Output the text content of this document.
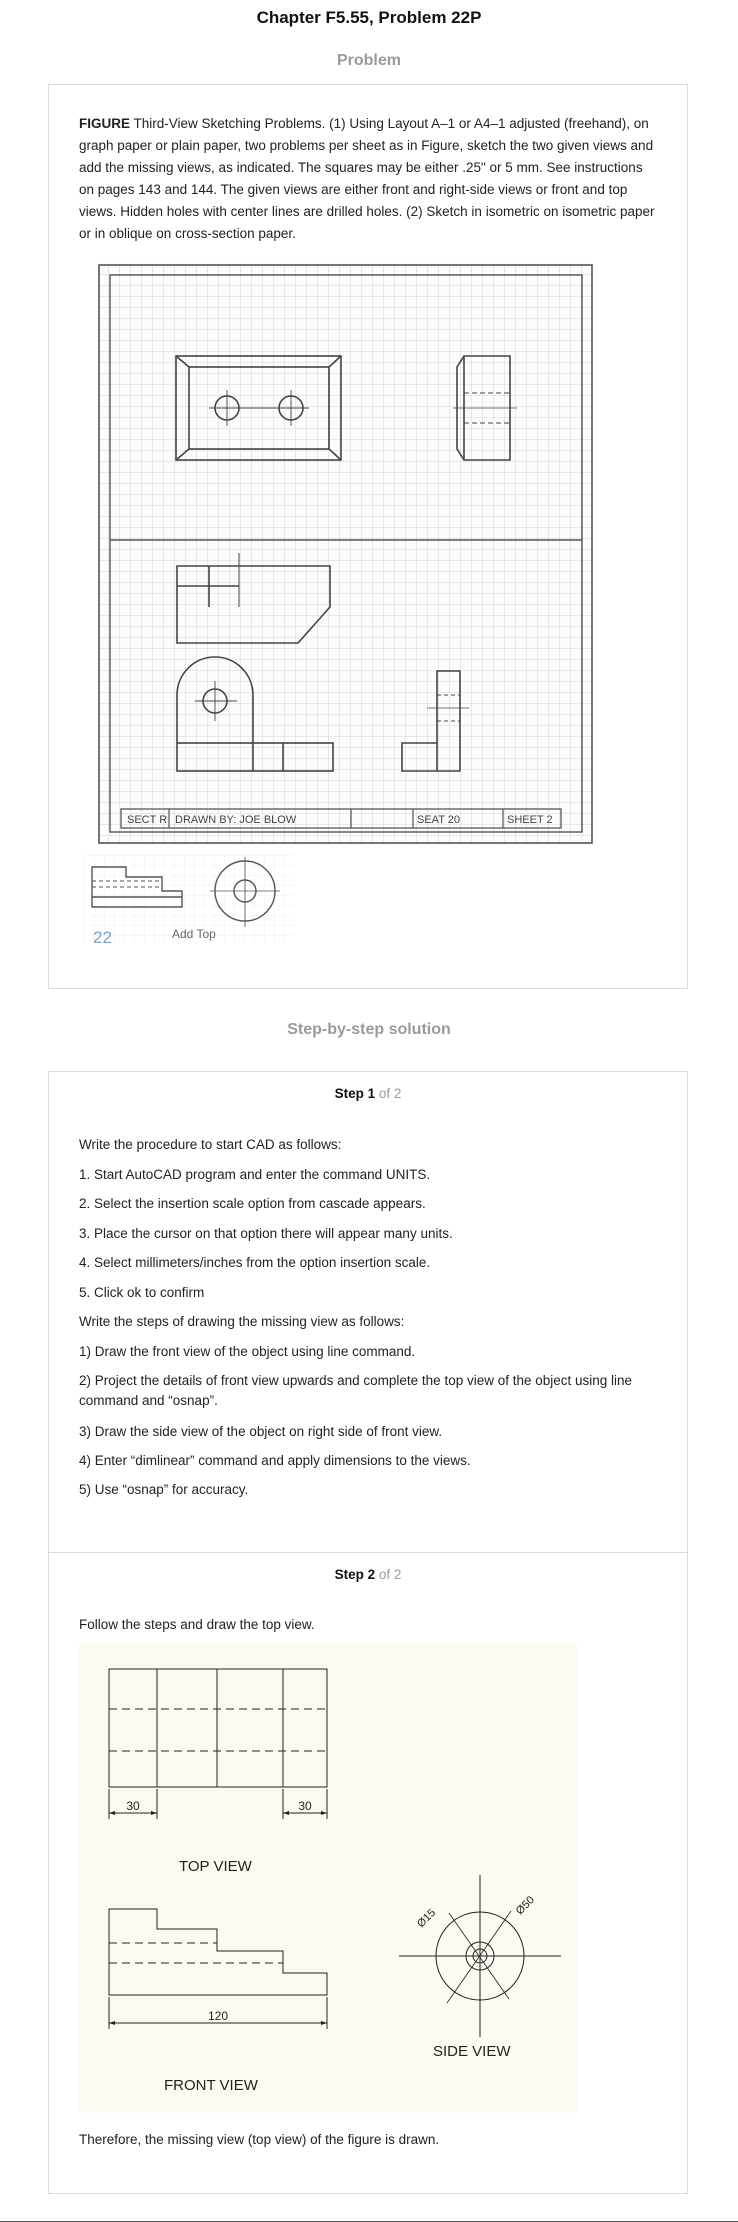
Chapter F5.55, Problem 22P
Problem
FIGURE Third-View Sketching Problems. (1) Using Layout A–1 or A4–1 adjusted (freehand), on graph paper or plain paper, two problems per sheet as in Figure, sketch the two given views and add the missing views, as indicated. The squares may be either .25" or 5 mm. See instructions on pages 143 and 144. The given views are either front and right-side views or front and top views. Hidden holes with center lines are drilled holes. (2) Sketch in isometric on isometric paper or in oblique on cross-section paper.
SECT R DRAWN BY: JOE BLOW	SEAT 20	SHEET 2
22	Add Top
Step-by-step solution
Step 1 of 2
Write the procedure to start CAD as follows:
1. Start AutoCAD program and enter the command UNITS.
2. Select the insertion scale option from cascade appears.
3. Place the cursor on that option there will appear many units.
4. Select millimeters/inches from the option insertion scale.
5. Click ok to confirm
Write the steps of drawing the missing view as follows:
1) Draw the front view of the object using line command.
2) Project the details of front view upwards and complete the top view of the object using line command and “osnap”.
3) Draw the side view of the object on right side of front view.
4) Enter “dimlinear” command and apply dimensions to the views.
5) Use “osnap” for accuracy.
Step 2 of 2
Follow the steps and draw the top view.
30	30
TOP VIEW
120
FRONT VIEW
SIDE VIEW
Ø15
Ø50
Therefore, the missing view (top view) of the figure is drawn.
